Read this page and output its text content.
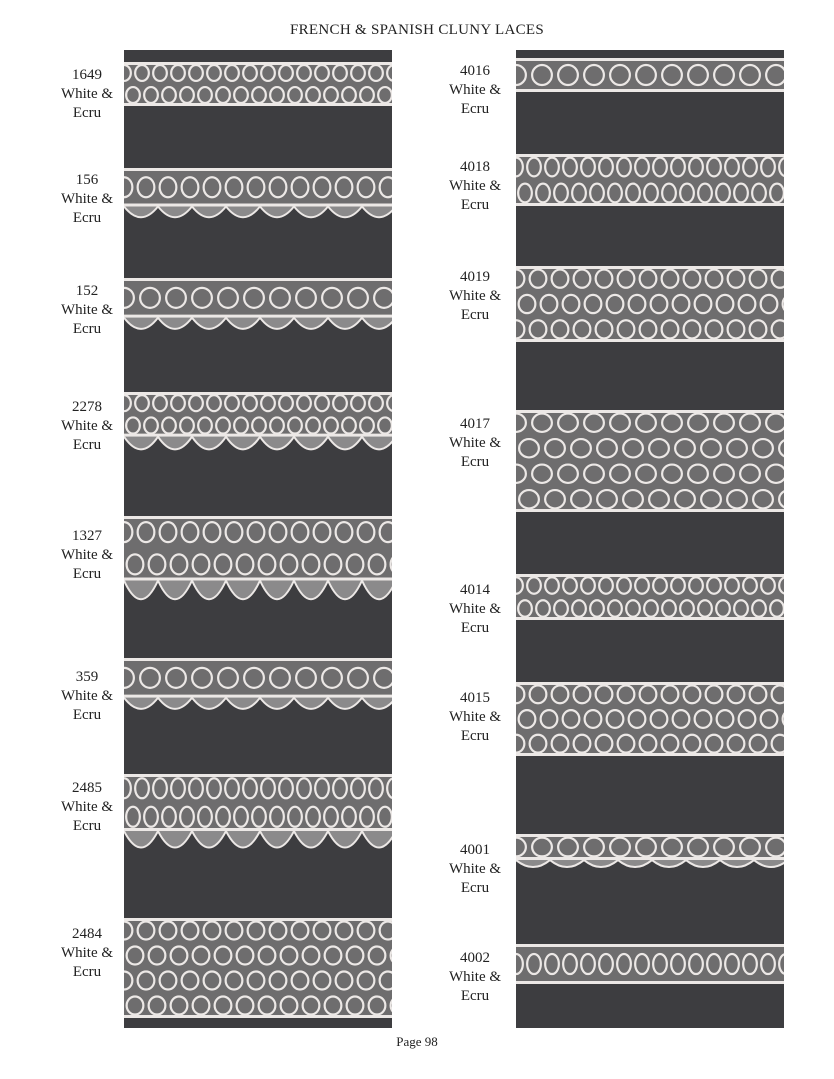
FRENCH & SPANISH CLUNY LACES
1649
White &
Ecru
156
White &
Ecru
152
White &
Ecru
2278
White &
Ecru
1327
White &
Ecru
359
White &
Ecru
2485
White &
Ecru
2484
White &
Ecru
4016
White &
Ecru
4018
White &
Ecru
4019
White &
Ecru
4017
White &
Ecru
4014
White &
Ecru
4015
White &
Ecru
4001
White &
Ecru
4002
White &
Ecru
Page 98
